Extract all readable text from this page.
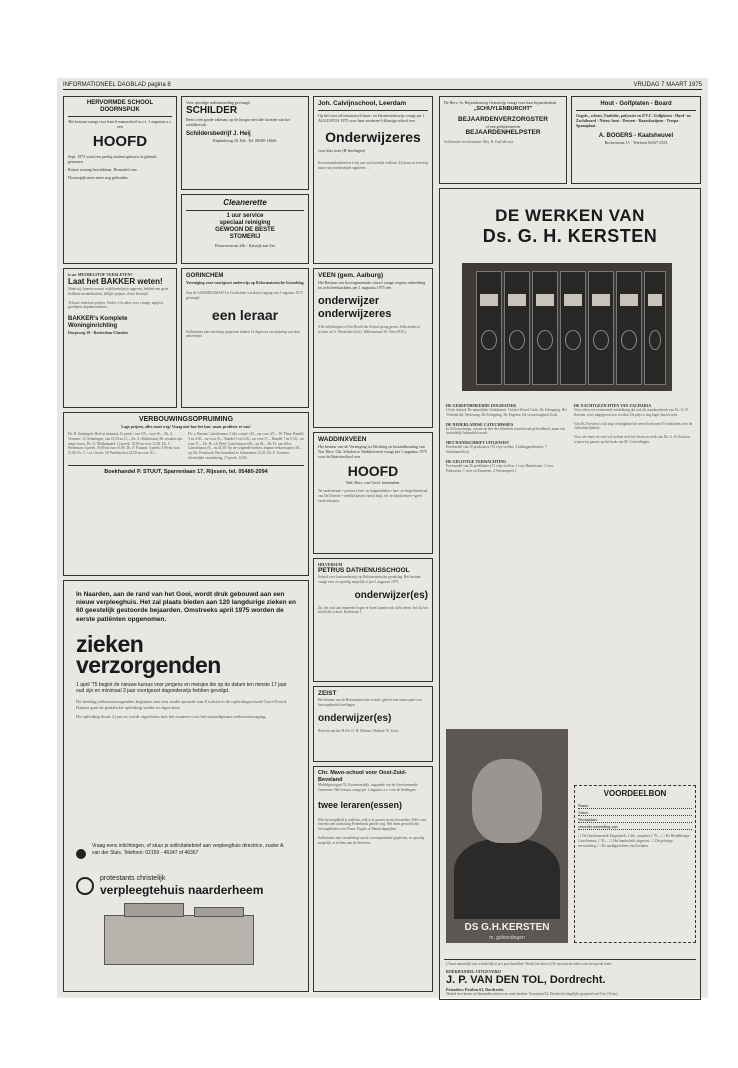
INFORMATIONEEL DAGBLAD pagina 8	VRIJDAG 7 MAART 1975
HERVORMDE SCHOOL DOORNSPIJK
Het bestuur vraagt voor haar 6-mansschool m.i.v. 1 augustus a.s. een
HOOFD
Sept. 1975 word een prettig modern gebouw in gebruik genomen.
Ruime woning beschikbaar. Bismarkvl enz.
Doornspijk meer meer nog gehouden.
Voor spoedige indiensttreding gevraagd
SCHILDER
Bent u een goede vakman, op de hoogte met alle facetten van het schildersvak.
Schildersbedrijf J. Heij
Klaphekweg 20, Ede. Tel. 08380-13846.
Cleanerette
1 uur service
speciaal reiniging
GEWOON DE BESTE
STOMERIJ
Prinsessestraat 24b - Katwijk aan Zee
Joh. Calvijnschool, Leerdam
Op het voor reformatorisch basis- en kleuteronderwijs vraagt per 1 AUGUSTUS 1975 voor haar moderne 6-klassige school een
Onderwijzeres
voor klas twee (B-leerlingen)
Een eensemkenbriefeis is bij ons ook hartelijk welkom. Zij komt in een reeg maar van jeurlaterbijde signieren …
De Herv. St. Bejaardenzorg Oostenrijp vraagt voor haar bejaardenhuis
„SCHUYLENBURCHT"
BEJAARDENVERZORGSTER
of een gediplomeerde
BEJAARDENHELPSTER
Sollicitaties en informatie: Mej. B. Zaal (dir.en).
Hout - Golfplaten - Board
Gegalv., scheut, Ondulite, polyester en P.V.C. Golfplaten - Hard- en Zachtboard - Nieuw hout - Deuren - Raamkozijnen - Trespa - Spaanplaat.
A. BOGERS - Kaatsheuvel
Beckerstraat 15 · Telefoon 04167-2555
is uw MEUBELSTOF VERSLETEN?
Laat het BAKKER weten!
Want wij: komen vooruit vrijblijvend prijs opgeven, hebben een grote kollektie meubelstoffen, billijke prijzen, vlotte levertijd.
Te huur: meteloze prijzen. Verder: Uw adres voor vitrage, tapijten, gordijnen, kapokmatrassen.
BAKKER's Komplete Woninginrichting
Dorpsweg 19 - Rotterdam-Charlois
GORINCHEM
Vereniging voor voortgezet onderwijs op Reformatorische Grondslag
Aan de GOMARUSMAVO te Gorinchem wordt met ingang van 1 augustus 1975 gevraagd:
een leraar
Sollicitaties met uitvoerige gegevens binnen 14 dagen na verschijning van deze advertentie.
VEEN (gem. Aalburg)
Het Bestuur van bovengenoemde school vraagt wegens uitbreiding tot acht leerkrachten, per 1 augustus 1975 een
onderwijzer
onderwijzeres
Alle inlichtingen wil het Hoofd der School graag geven. Sollicitaties te richten tot A. Westerluis (b.d.), Wilhemstraat 38, Veen (N.B.).
VERBOUWINGSOPRUIMING
Lage prijzen, alles moet weg! Vraag niet hoe het kan: maar profiteer er van!
Ds. B. Smijtegelt: Heil en iintmaal, 41 preek / van f19,– voor f6,–. Ds. A. Vermeer: 11 Oefeningen, van f2,50 nu f1,–. Ds. A. Makkreaan: De vrisaten zijn enige troost. Ds. G. Molkenpand: 12 preek. 16,50 nu voor 12,50. Ds. C. Pieterman: 4 preek. f9,00 nu voor f5,00. Ds. F. Frattani: 4 preek. 5,90 nu voor f5,00. Ds. C. v.d. Gevoir: 50 Preekstoffen 24,50 nu voor f11,–.
Ds. v. Bassen: Catechismus, 3 dln. compl. f45,– nu voor f27,–. W. Fleur: Bundel 3 en 4 30,– nu voor f5,–. Bundel 5 en 6 26,– nu voor f7,–. Bundel 7 en 8 30,– nu voor f7,–. Ds. H. v.d. Reid: Catechismus f40,– nu f8,–. Ds. H. van Gilst: Catechismus f9,– nu f4,50. Op de volgende boeken, zegaan verkeersopen f18,– op. Ds. Ponsbook: Bes brandend es Schumbaen 15,25. Ds. E. Frunsen: Geestelijke verandering, 17 preek. 14,50.
Boekhandel P. STUUT, Sparrenlaan 17, Rijssen, tel. 05480-2094
WADDINXVEEN
Het bestuur van de Vereniging tot Stichting en Instandhouding van Nat. Herv. Chr. Scholen te Waddinxveen vraagt per 1 augustus 1975 voor de Beatrixschool een
HOOFD
Ned. Herv. van Geref. bezinnelen.
Ter ondersteunt: • positieve leer- en hulpmiddelen • hart- en bergerheerhoud van De Directie • verblijfskasten vanuit hulp, inf. en handwerken • goed vaste inkomen.
HILVERSUM
PETRUS DATHENUSSCHOOL
School voor basisonderwijs op Reformatorische grondslag. Het bestuur vraagt voor zo spoedig mogelijk of per 1 augustus 1975,
onderwijzer(es)
Zij, die zich aan inmeeten hopen te doen kunnen ook solliciteren. Inl. bij het hoofd der school, Kerkstraat 1.
ZEIST
Het bestuur van de Reformatorische school, gelieve een ruime apte voor hun ingebreide leerlingen
onderwijzer(es)
Brieven aan het H.d.S. G. H. Ebbens, Slotlaan 70, Zeist.
Chr. Mavo-school voor Oost-Zuid-Beveland
Middelgrootgaat 53, Kruiteroordijk, uitgaande van de Gereformeerde Gemeente. Het bestuur vraagt per 1 augustus a.s. voor de leerlingen:
twee leraren(essen)
Elke bevoegdheid is welkom, zulk is er passen in ons bevoerder. Zelfs voor inwerkt met uitsluiting Nederlands gehele weg. Het dient gevoeld zijn bevoegdheden voor Frans, Engels of Maatschappijleer.
Sollicitaties met vermelding van de correspondentie gegevens, zo spoedig mogelijk, te richten aan de directeur.
In Naarden, aan de rand van het Gooi, wordt druk gebouwd aan een nieuw verpleeghuis. Het zal plaats bieden aan 120 langdurige zieken en 60 geestelijk gestoorde bejaarden. Omstreeks april 1975 worden de eerste patiënten opgenomen.
zieken
verzorgenden
1 april '75 begint de nieuwe kursus voor jongens en meisjes die op de datum ten minste 17 jaar oud zijn en minimaal 3 jaar voortgezet dagonderwijs hebben gevolgd.
De leerling ziekenverzorgenden beginnen met een studie-periode van 8 weken in de opleidingsschool Gooi-Noord. Daarna gaat de praktische opleiding verder in eigen huis.
De opleiding duurt 2 jaar en wordt afgesloten met het examen voor het staatsdiploma ziekenverzorging.
Vraag eens inlichtingen, of stuur je sollicitatiebrief aan verpleeghuis directrice, zuster A. van der Sluis. Telefoon: 02159 - 46347 of 46367
protestants christelijk
verpleegtehuis naarderheem
DE WERKEN VAN
Ds. G. H. KERSTEN
DE GEREFORMEERDE DOGMATIEK
Uit de inhoud: De natuurlijke Godskennis. Van het Woord Gods. De Schepping. Het Verbond der Verlossing. De Schepping. De Engelen. De voorzienigheid Gods.
DE NEDERLANDSE CATECHISMUS
In 52 beworkings, waarin de leer der Schriften voortdurend geleerdbeelt, maar ook bevindelijk behandeld wordt.
HET HANDSCHRIFT UITGEWIST
Een bundel van 20 predicaties (13 vrije stoffen, 3 biddagpredicaties, 7 Jubileumtoffen).
DE GELOVIGE VERWACHTING
Een bundel van 26 predikaties (13 vrije stoffen, 1 voor Hemelvaart, 3 voor Pinksteren, 1 voor en Paasteren, 2 Adventspred.).
DE NACHTGEZICHTEN VAN ZACHARIA
Voor velen een verbazende ontdekking dat ook dit standaardwerk van Ds. G. H. Kersten, weer uitgegeven zou worden. De prijs is nog lager dan tevoren.
Van Ds. Kersten is ook nog verkrijgbaar het eerste boek met 65 meditaties over de Geloofsbelijdenis.
Voor wie meer en veel wil werken over het leven en werk van Ds. G. H. Kersten, wijzen wij gaarne op het boek van M. Golverdingen.
DS G.H.KERSTEN
m. golverdingen
VOORDEELBON
Naam:
Adres:
Woonplaats:
verzoekt toezending van:
☐ De Gereformeerde Dogmatiek, 2 dln. compleet ƒ 70,–. ☐ De Heidelbergse Catechismus, ƒ 50,–. ☐ Het handschrift uitgewist. ☐ De gelovige verwachting. ☐ De nachtgezichten van Zacharia.
U kunt natuurlijk ook schriftelijk of per post bestellen. Wacht het direct (t/f) vertrouwde adres voor het goede boek:
BOEKHANDEL-UITGEVERIJ
J. P. VAN DEN TOL, Dordrecht.
Postadres: Postbus 61, Dordrecht.
Winkel met keuze uit duizenden nieuwe en oude boeken: Voorstraat 94, Dordrecht (dagelijks geopend van 9 tot 18 uur).
